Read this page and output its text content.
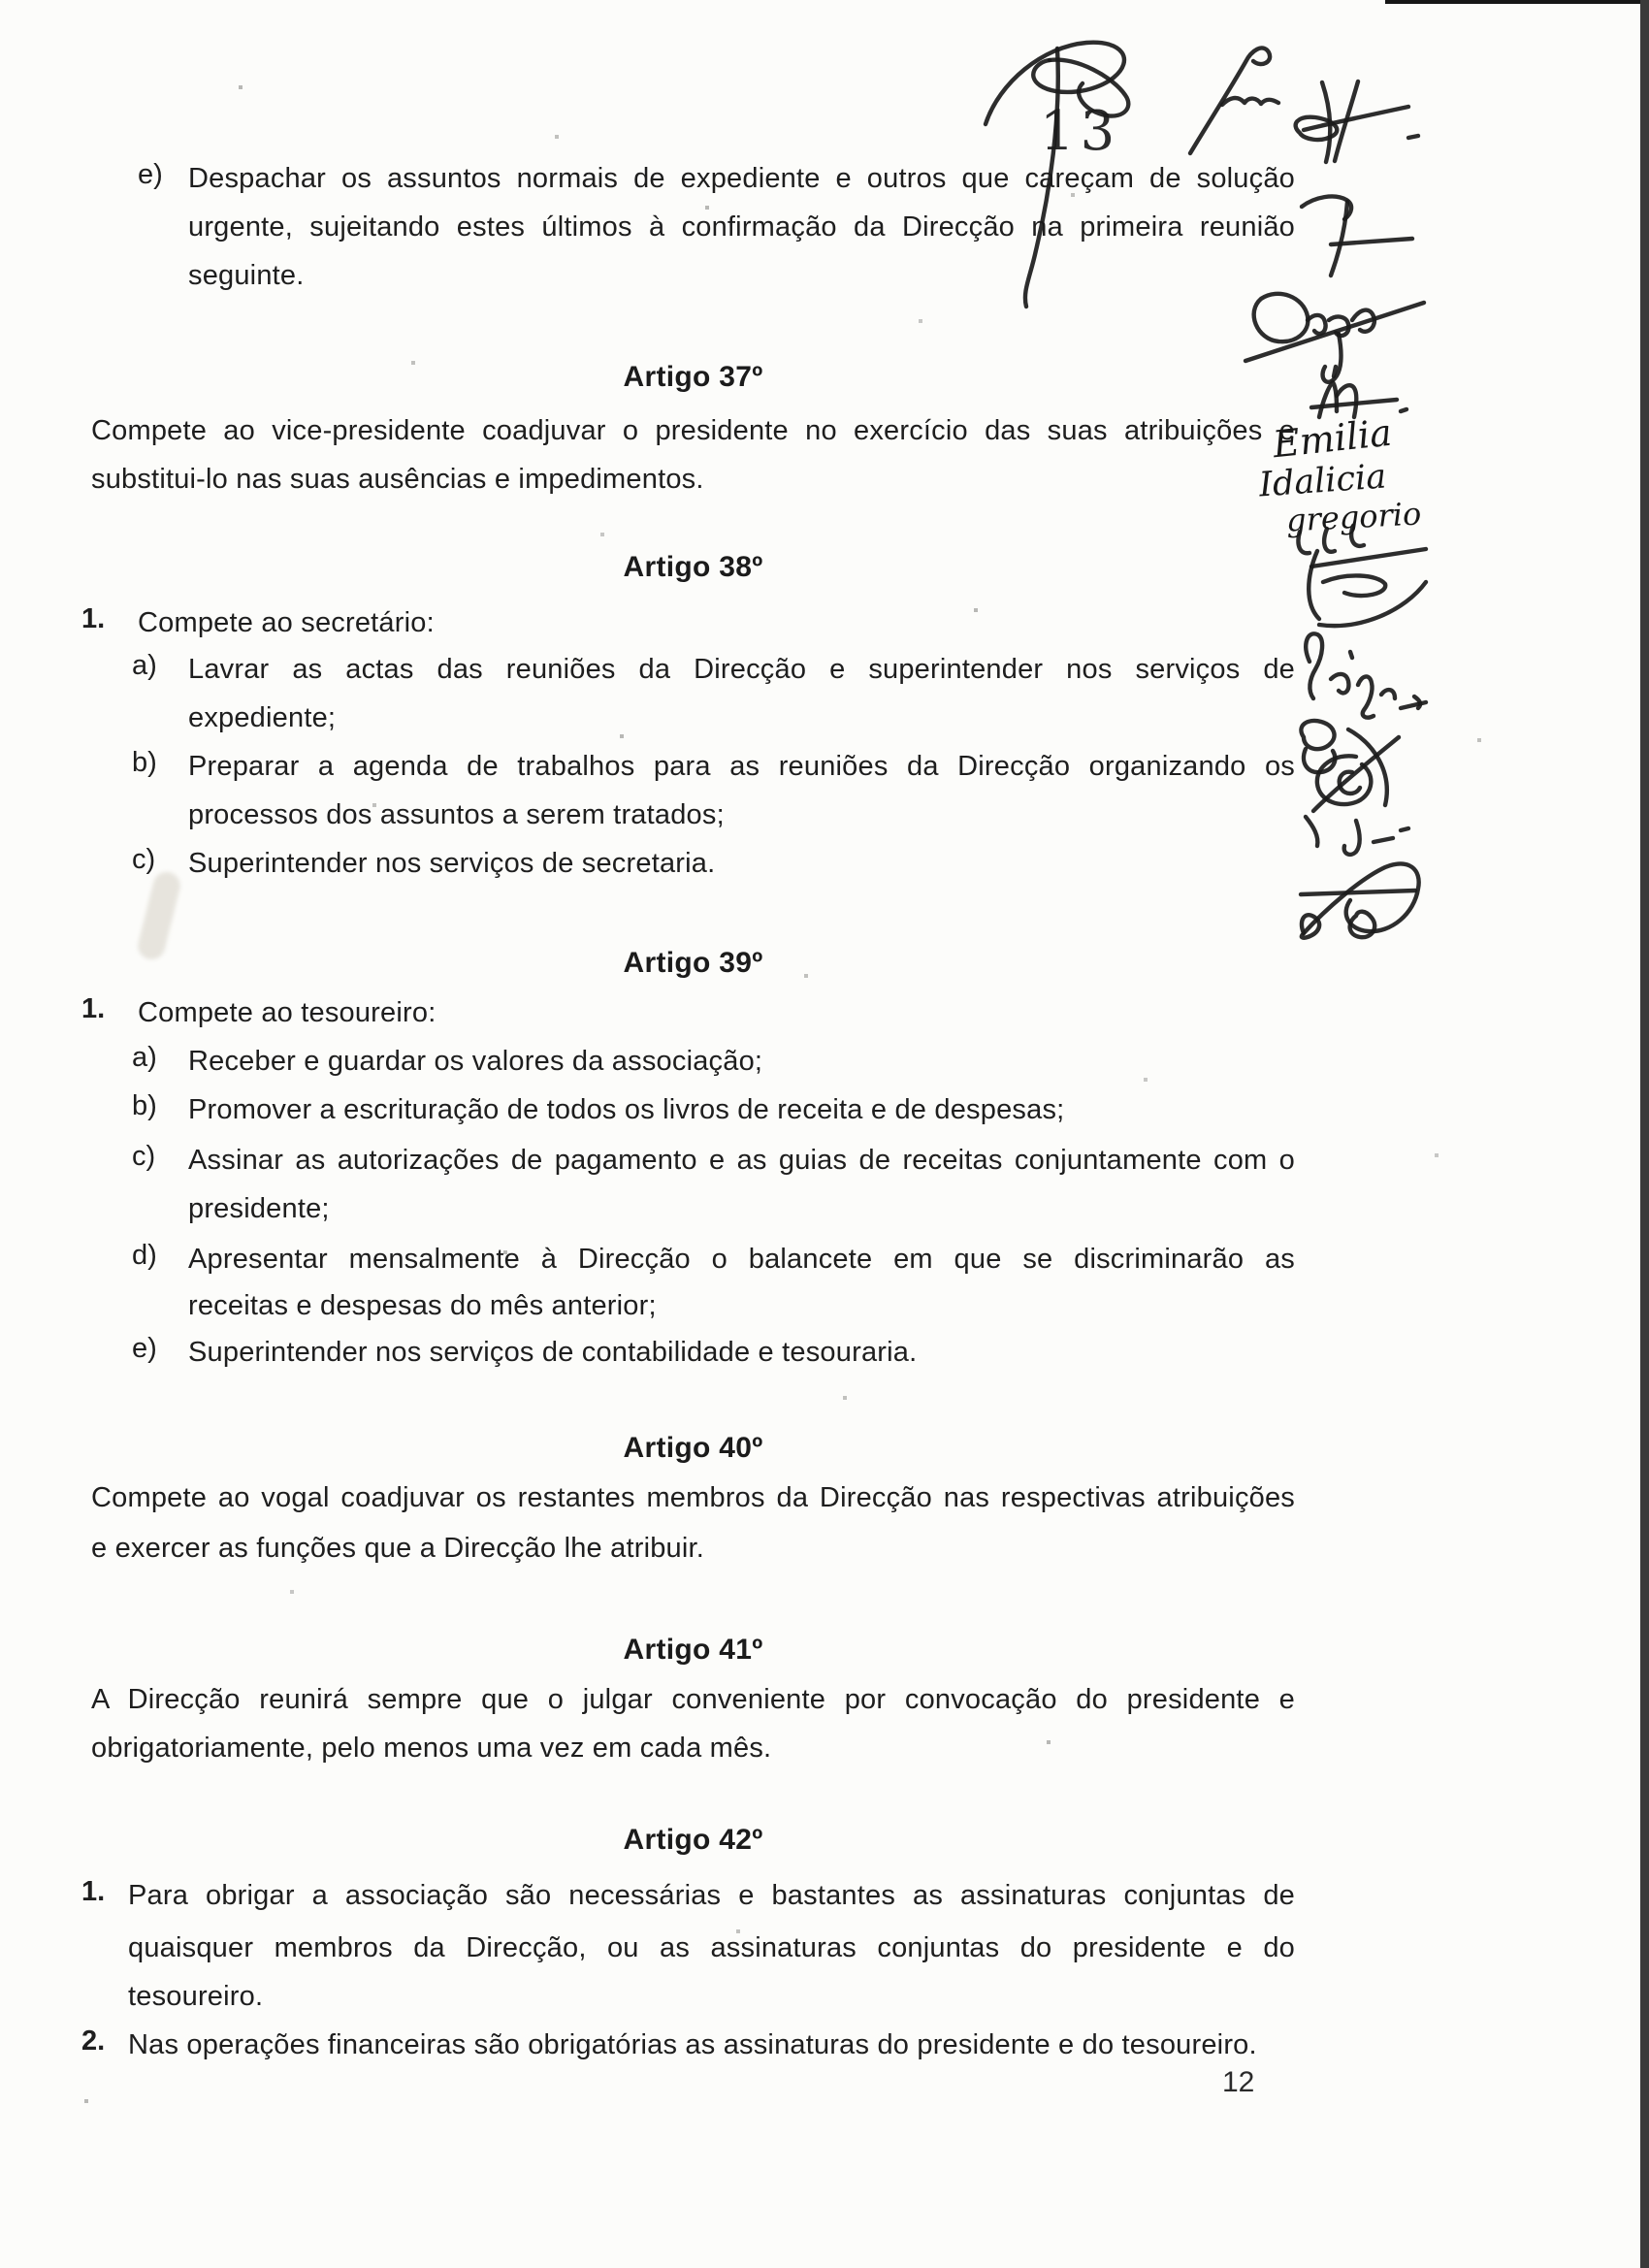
e) Despachar os assuntos normais de expediente e outros que careçam de solução
urgente, sujeitando estes últimos à confirmação da Direcção na primeira reunião
seguinte.
Artigo 37º
Compete ao vice-presidente coadjuvar o presidente no exercício das suas atribuições e
substitui-lo nas suas ausências e impedimentos.
Artigo 38º
1. Compete ao secretário:
a) Lavrar as actas das reuniões da Direcção e superintender nos serviços de
expediente;
b) Preparar a agenda de trabalhos para as reuniões da Direcção organizando os
processos dos assuntos a serem tratados;
c) Superintender nos serviços de secretaria.
Artigo 39º
1. Compete ao tesoureiro:
a) Receber e guardar os valores da associação;
b) Promover a escrituração de todos os livros de receita e de despesas;
c) Assinar as autorizações de pagamento e as guias de receitas conjuntamente com o
presidente;
d) Apresentar mensalmente à Direcção o balancete em que se discriminarão as
receitas e despesas do mês anterior;
e) Superintender nos serviços de contabilidade e tesouraria.
Artigo 40º
Compete ao vogal coadjuvar os restantes membros da Direcção nas respectivas atribuições
e exercer as funções que a Direcção lhe atribuir.
Artigo 41º
A Direcção reunirá sempre que o julgar conveniente por convocação do presidente e
obrigatoriamente, pelo menos uma vez em cada mês.
Artigo 42º
1. Para obrigar a associação são necessárias e bastantes as assinaturas conjuntas de
quaisquer membros da Direcção, ou as assinaturas conjuntas do presidente e do
tesoureiro.
2. Nas operações financeiras são obrigatórias as assinaturas do presidente e do tesoureiro.
13
12
Emilia
Idalicia
gregorio
